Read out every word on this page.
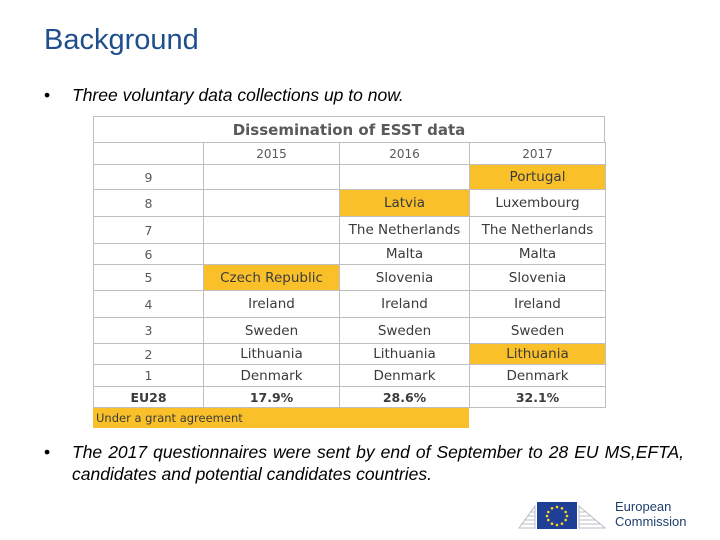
Background
• Three voluntary data collections up to now.
Dissemination of ESST data
	2015	2016	2017
9			Portugal
8		Latvia	Luxembourg
7		The Netherlands	The Netherlands
6		Malta	Malta
5	Czech Republic	Slovenia	Slovenia
4	Ireland	Ireland	Ireland
3	Sweden	Sweden	Sweden
2	Lithuania	Lithuania	Lithuania
1	Denmark	Denmark	Denmark
EU28	17.9%	28.6%	32.1%
Under a grant agreement
• The 2017 questionnaires were sent by end of September to 28 EU MS,EFTA, candidates and potential candidates countries.
European
Commission
